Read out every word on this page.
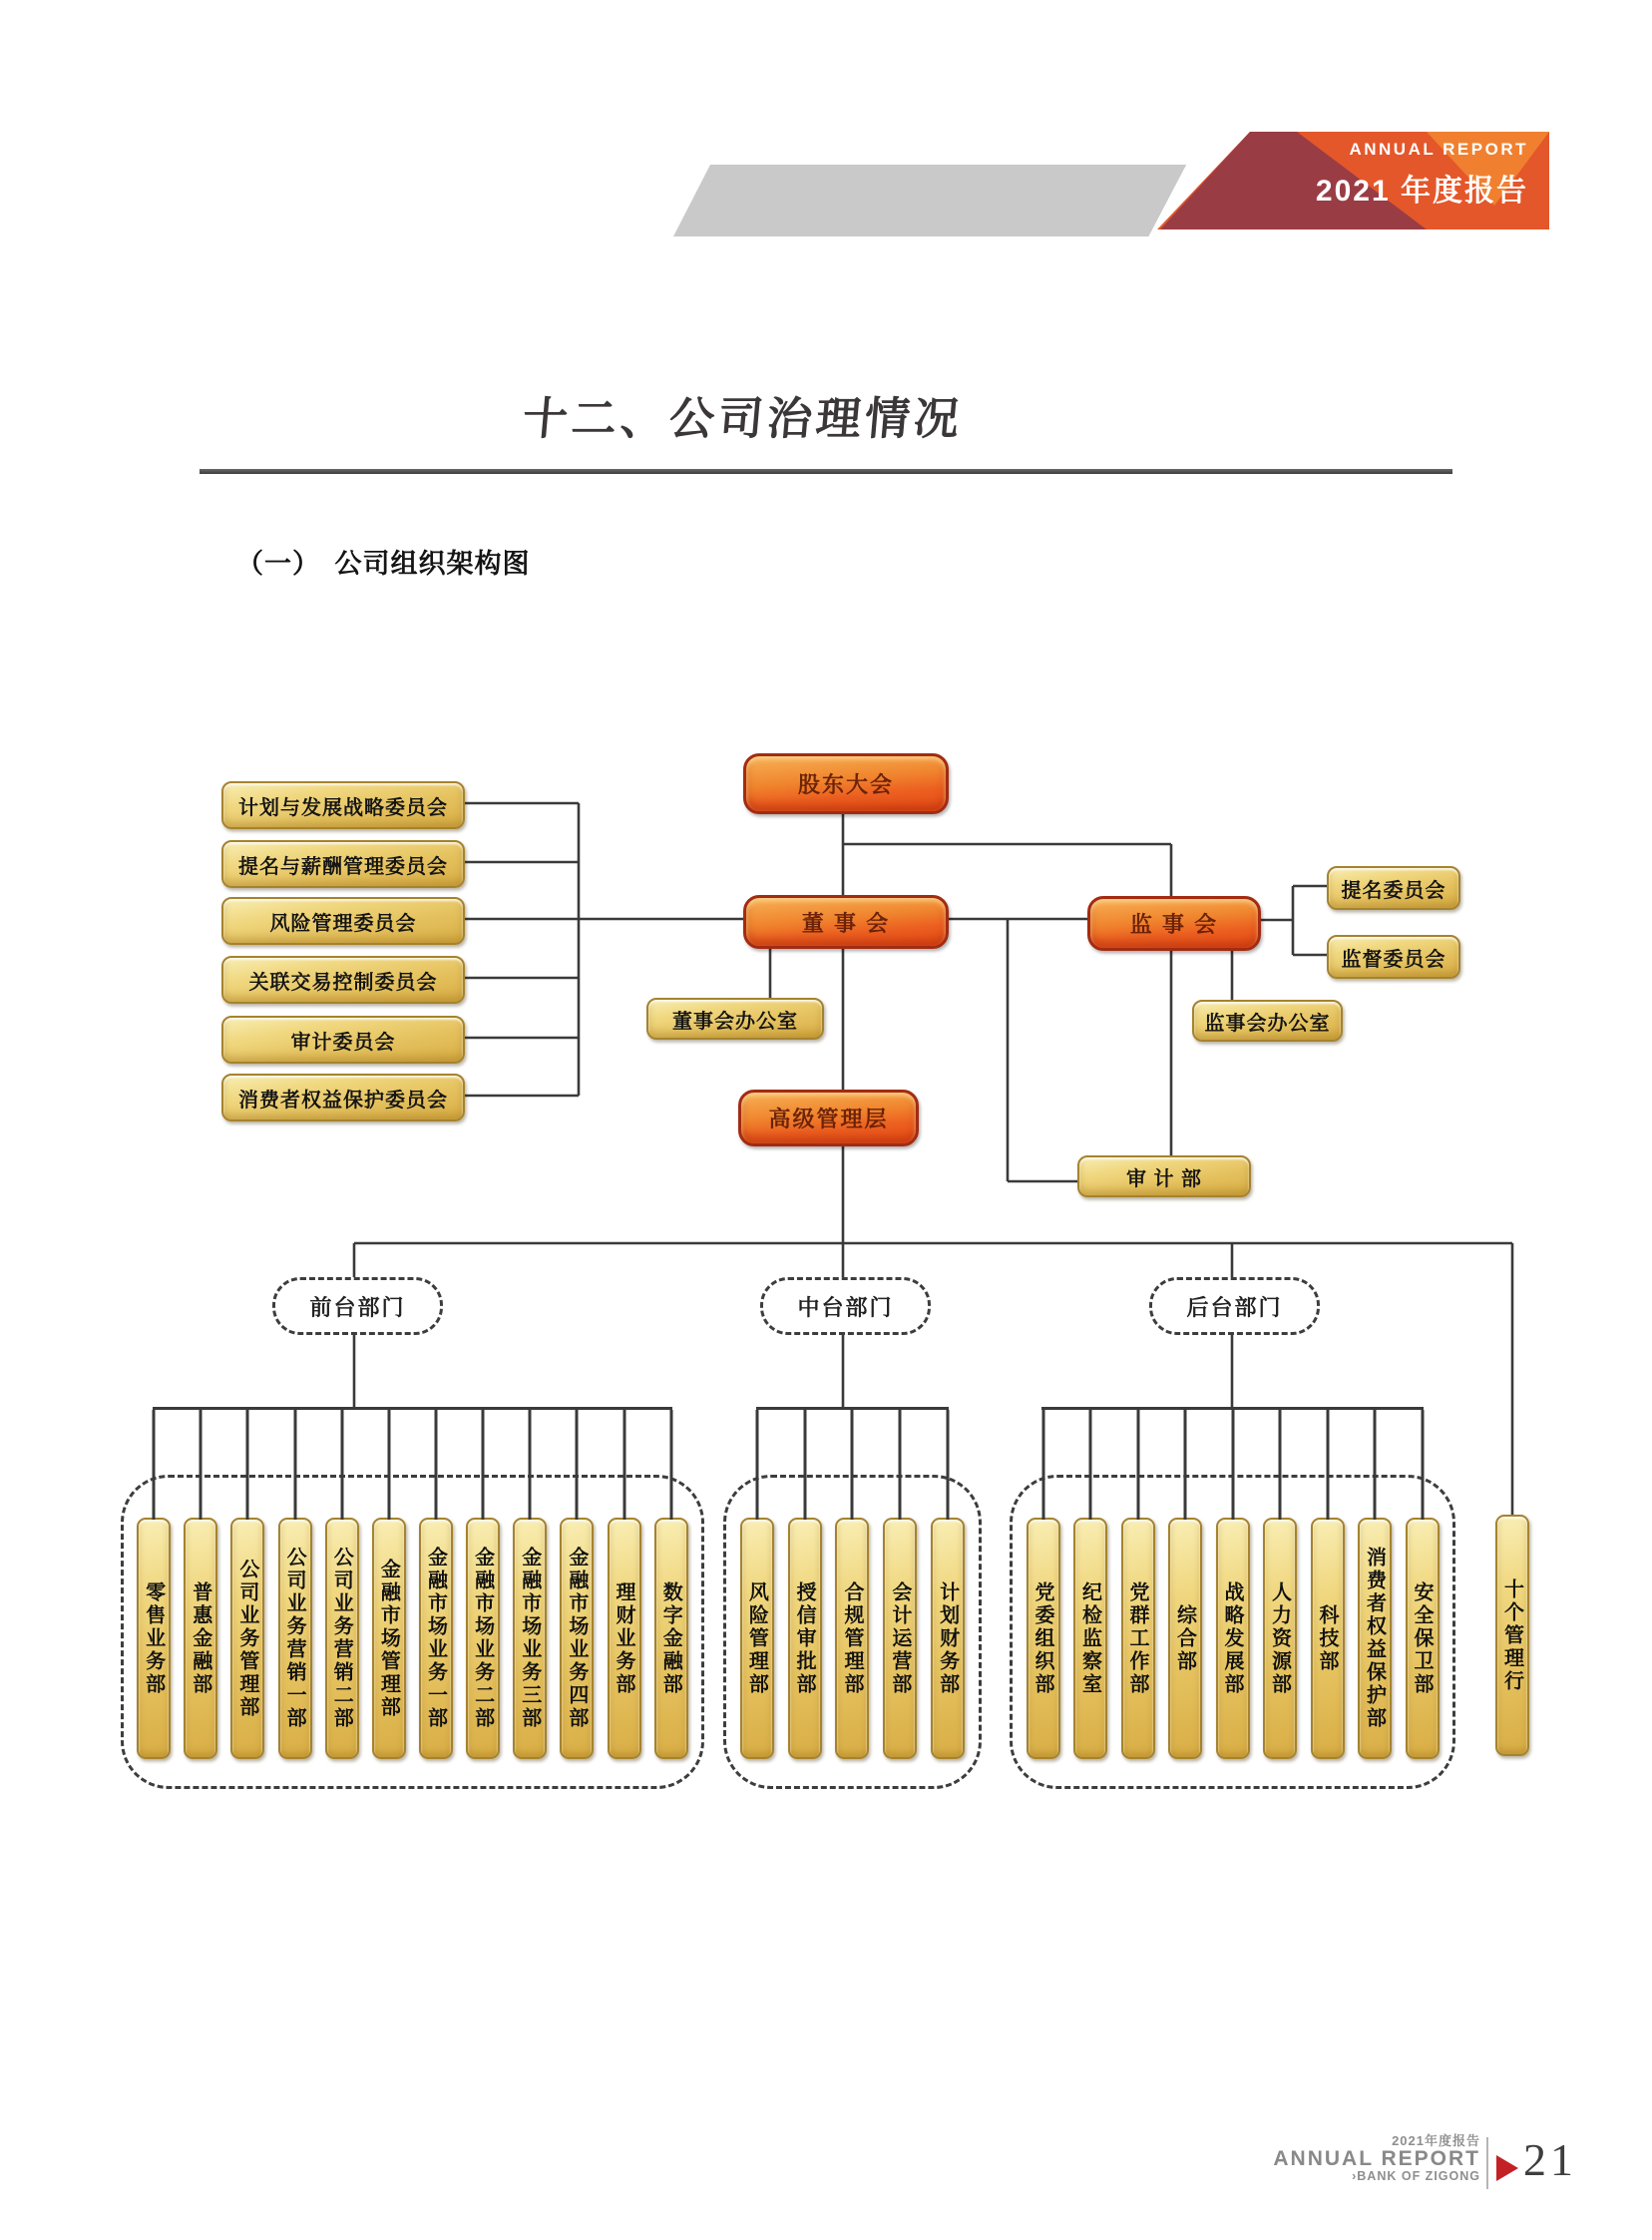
ANNUAL REPORT
2021 年度报告
十二、公司治理情况
（一）　公司组织架构图
股东大会
计划与发展战略委员会
提名与薪酬管理委员会
风险管理委员会
关联交易控制委员会
审计委员会
消费者权益保护委员会
董 事 会	监 事 会
董事会办公室
提名委员会
监督委员会
监事会办公室
高级管理层
审 计 部
前台部门	中台部门	后台部门
零售业务部	普惠金融部	公司业务管理部	公司业务营销一部	公司业务营销二部	金融市场管理部	金融市场业务一部	金融市场业务二部	金融市场业务三部	金融市场业务四部	理财业务部	数字金融部	风险管理部	授信审批部	合规管理部	会计运营部	计划财务部	党委组织部	纪检监察室	党群工作部	综合部	战略发展部	人力资源部	科技部	消费者权益保护部	安全保卫部	十个管理行
2021年度报告
ANNUAL REPORT
›BANK OF ZIGONG 21
